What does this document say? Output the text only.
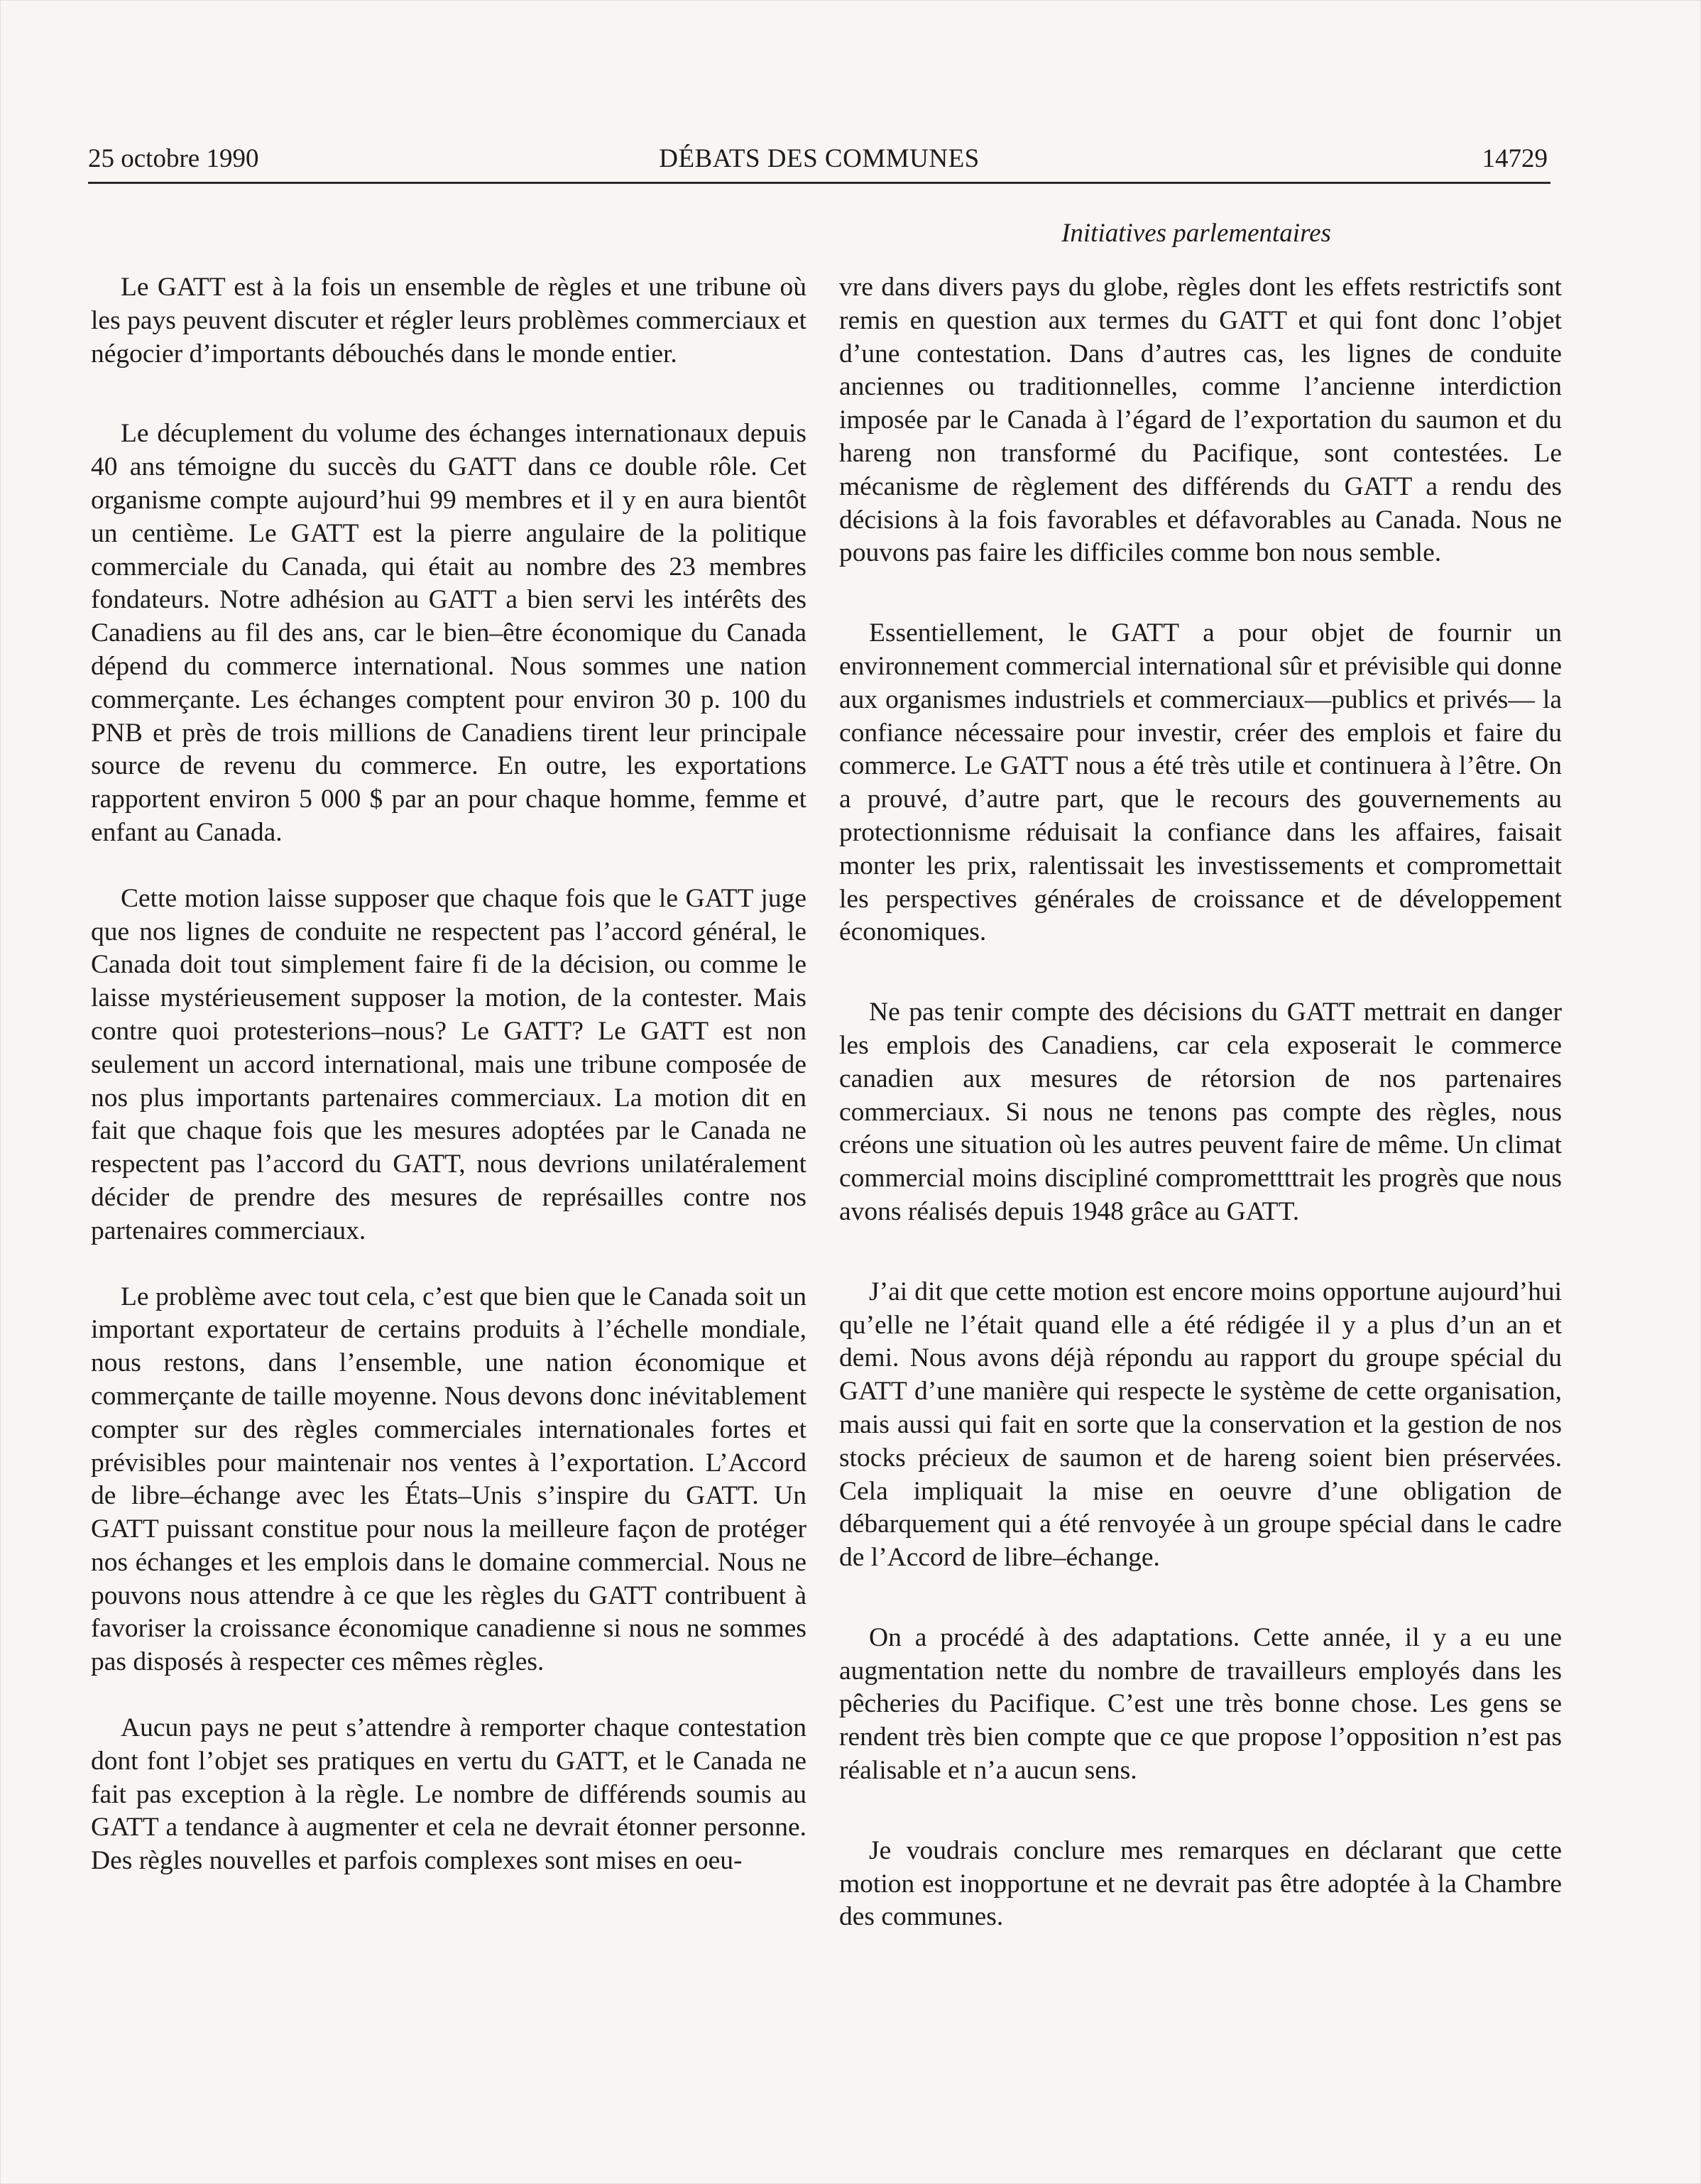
25 octobre 1990	DÉBATS DES COMMUNES	14729
Initiatives parlementaires

Le GATT est à la fois un ensemble de règles et une tribune où les pays peuvent discuter et régler leurs problèmes commerciaux et négocier d’importants débouchés dans le monde entier.

Le décuplement du volume des échanges internationaux depuis 40 ans témoigne du succès du GATT dans ce double rôle. Cet organisme compte aujourd’hui 99 membres et il y en aura bientôt un centième. Le GATT est la pierre angulaire de la politique commerciale du Canada, qui était au nombre des 23 membres fondateurs. Notre adhésion au GATT a bien servi les intérêts des Canadiens au fil des ans, car le bien–être économique du Canada dépend du commerce international. Nous sommes une nation commerçante. Les échanges comptent pour environ 30 p. 100 du PNB et près de trois millions de Canadiens tirent leur principale source de revenu du commerce. En outre, les exportations rapportent environ 5 000 $ par an pour chaque homme, femme et enfant au Canada.

Cette motion laisse supposer que chaque fois que le GATT juge que nos lignes de conduite ne respectent pas l’accord général, le Canada doit tout simplement faire fi de la décision, ou comme le laisse mystérieusement supposer la motion, de la contester. Mais contre quoi protesterions–nous? Le GATT? Le GATT est non seulement un accord international, mais une tribune composée de nos plus importants partenaires commerciaux. La motion dit en fait que chaque fois que les mesures adoptées par le Canada ne respectent pas l’accord du GATT, nous devrions unilatéralement décider de prendre des mesures de représailles contre nos partenaires commerciaux.

Le problème avec tout cela, c’est que bien que le Canada soit un important exportateur de certains produits à l’échelle mondiale, nous restons, dans l’ensemble, une nation économique et commerçante de taille moyenne. Nous devons donc inévitablement compter sur des règles commerciales internationales fortes et prévisibles pour maintenair nos ventes à l’exportation. L’Accord de libre–échange avec les États–Unis s’inspire du GATT. Un GATT puissant constitue pour nous la meilleure façon de protéger nos échanges et les emplois dans le domaine commercial. Nous ne pouvons nous attendre à ce que les règles du GATT contribuent à favoriser la croissance économique canadienne si nous ne sommes pas disposés à respecter ces mêmes règles.

Aucun pays ne peut s’attendre à remporter chaque contestation dont font l’objet ses pratiques en vertu du GATT, et le Canada ne fait pas exception à la règle. Le nombre de différends soumis au GATT a tendance à augmenter et cela ne devrait étonner personne. Des règles nouvelles et parfois complexes sont mises en oeu-

vre dans divers pays du globe, règles dont les effets restrictifs sont remis en question aux termes du GATT et qui font donc l’objet d’une contestation. Dans d’autres cas, les lignes de conduite anciennes ou traditionnelles, comme l’ancienne interdiction imposée par le Canada à l’égard de l’exportation du saumon et du hareng non transformé du Pacifique, sont contestées. Le mécanisme de règlement des différends du GATT a rendu des décisions à la fois favorables et défavorables au Canada. Nous ne pouvons pas faire les difficiles comme bon nous semble.

Essentiellement, le GATT a pour objet de fournir un environnement commercial international sûr et prévisible qui donne aux organismes industriels et commerciaux—publics et privés— la confiance nécessaire pour investir, créer des emplois et faire du commerce. Le GATT nous a été très utile et continuera à l’être. On a prouvé, d’autre part, que le recours des gouvernements au protectionnisme réduisait la confiance dans les affaires, faisait monter les prix, ralentissait les investissements et compromettait les perspectives générales de croissance et de développement économiques.

Ne pas tenir compte des décisions du GATT mettrait en danger les emplois des Canadiens, car cela exposerait le commerce canadien aux mesures de rétorsion de nos partenaires commerciaux. Si nous ne tenons pas compte des règles, nous créons une situation où les autres peuvent faire de même. Un climat commercial moins discipliné compromettttrait les progrès que nous avons réalisés depuis 1948 grâce au GATT.

J’ai dit que cette motion est encore moins opportune aujourd’hui qu’elle ne l’était quand elle a été rédigée il y a plus d’un an et demi. Nous avons déjà répondu au rapport du groupe spécial du GATT d’une manière qui respecte le système de cette organisation, mais aussi qui fait en sorte que la conservation et la gestion de nos stocks précieux de saumon et de hareng soient bien préservées. Cela impliquait la mise en oeuvre d’une obligation de débarquement qui a été renvoyée à un groupe spécial dans le cadre de l’Accord de libre–échange.

On a procédé à des adaptations. Cette année, il y a eu une augmentation nette du nombre de travailleurs employés dans les pêcheries du Pacifique. C’est une très bonne chose. Les gens se rendent très bien compte que ce que propose l’opposition n’est pas réalisable et n’a aucun sens.

Je voudrais conclure mes remarques en déclarant que cette motion est inopportune et ne devrait pas être adoptée à la Chambre des communes.
